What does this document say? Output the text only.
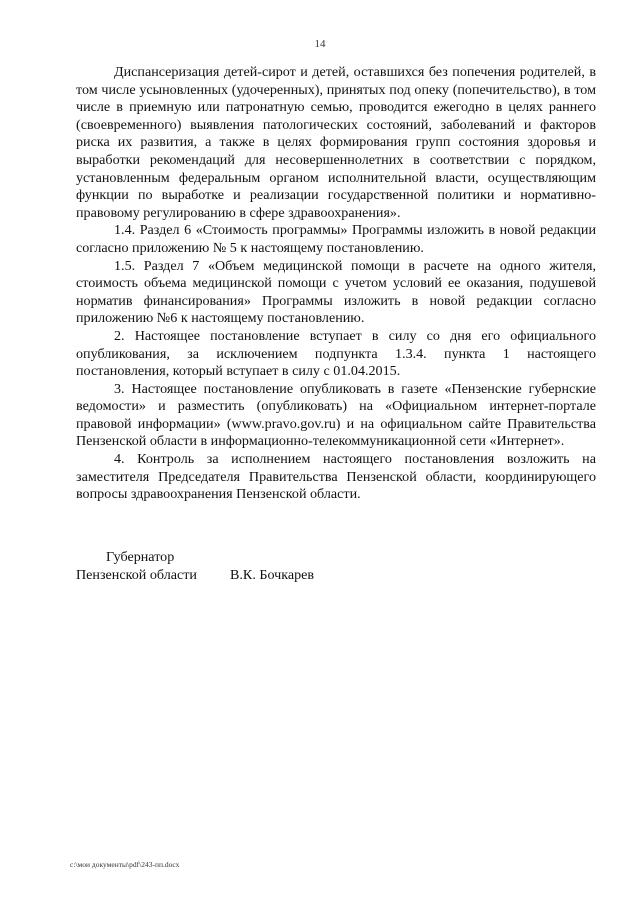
14

Диспансеризация детей-сирот и детей, оставшихся без попечения родителей, в том числе усыновленных (удочеренных), принятых под опеку (попечительство), в том числе в приемную или патронатную семью, проводится ежегодно в целях раннего (своевременного) выявления патологических состояний, заболеваний и факторов риска их развития, а также в целях формирования групп состояния здоровья и выработки рекомендаций для несовершеннолетних в соответствии с порядком, установленным федеральным органом исполнительной власти, осуществляющим функции по выработке и реализации государственной политики и нормативно-правовому регулированию в сфере здравоохранения».

1.4. Раздел 6 «Стоимость программы» Программы изложить в новой редакции согласно приложению № 5 к настоящему постановлению.

1.5. Раздел 7 «Объем медицинской помощи в расчете на одного жителя, стоимость объема медицинской помощи с учетом условий ее оказания, подушевой норматив финансирования» Программы изложить в новой редакции согласно приложению №6 к настоящему постановлению.

2. Настоящее постановление вступает в силу со дня его официального опубликования, за исключением подпункта 1.3.4. пункта 1 настоящего постановления, который вступает в силу с 01.04.2015.

3. Настоящее постановление опубликовать в газете «Пензенские губернские ведомости» и разместить (опубликовать) на «Официальном интернет-портале правовой информации» (www.pravo.gov.ru) и на официальном сайте Правительства Пензенской области в информационно-телекоммуникационной сети «Интернет».

4. Контроль за исполнением настоящего постановления возложить на заместителя Председателя Правительства Пензенской области, координирующего вопросы здравоохранения Пензенской области.

Губернатор
Пензенской области	В.К. Бочкарев
c:\мои документы\pdf\243-пп.docx
